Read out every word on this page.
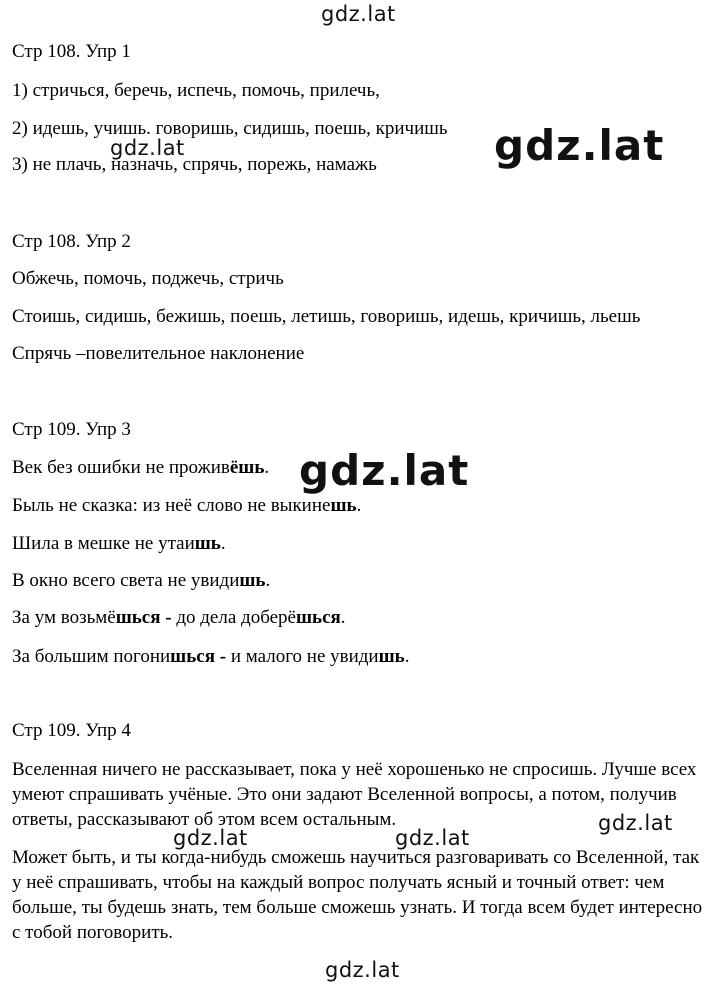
Стр 108. Упр 1
1) стричься, беречь, испечь, помочь, прилечь,
2) идешь, учишь. говоришь, сидишь, поешь, кричишь
3) не плачь, назначь, спрячь, порежь, намажь
Стр 108. Упр 2
Обжечь, помочь, поджечь, стричь
Стоишь, сидишь, бежишь, поешь, летишь, говоришь, идешь, кричишь, льешь
Спрячь –повелительное наклонение
Стр 109. Упр 3
Век без ошибки не проживёшь.
Быль не сказка: из неё слово не выкинешь.
Шила в мешке не утаишь.
В окно всего света не увидишь.
За ум возьмёшься - до дела доберёшься.
За большим погонишься - и малого не увидишь.
Стр 109. Упр 4
Вселенная ничего не рассказывает, пока у неё хорошенько не спросишь. Лучше всех умеют спрашивать учёные. Это они задают Вселенной вопросы, а потом, получив ответы, рассказывают об этом всем остальным.
Может быть, и ты когда-нибудь сможешь научиться разговаривать со Вселенной, так у неё спрашивать, чтобы на каждый вопрос получать ясный и точный ответ: чем больше, ты будешь знать, тем больше сможешь узнать. И тогда всем будет интересно с тобой поговорить.
gdz.lat
gdz.lat
gdz.lat
gdz.lat
gdz.lat	gdz.lat
gdz.lat
gdz.lat
